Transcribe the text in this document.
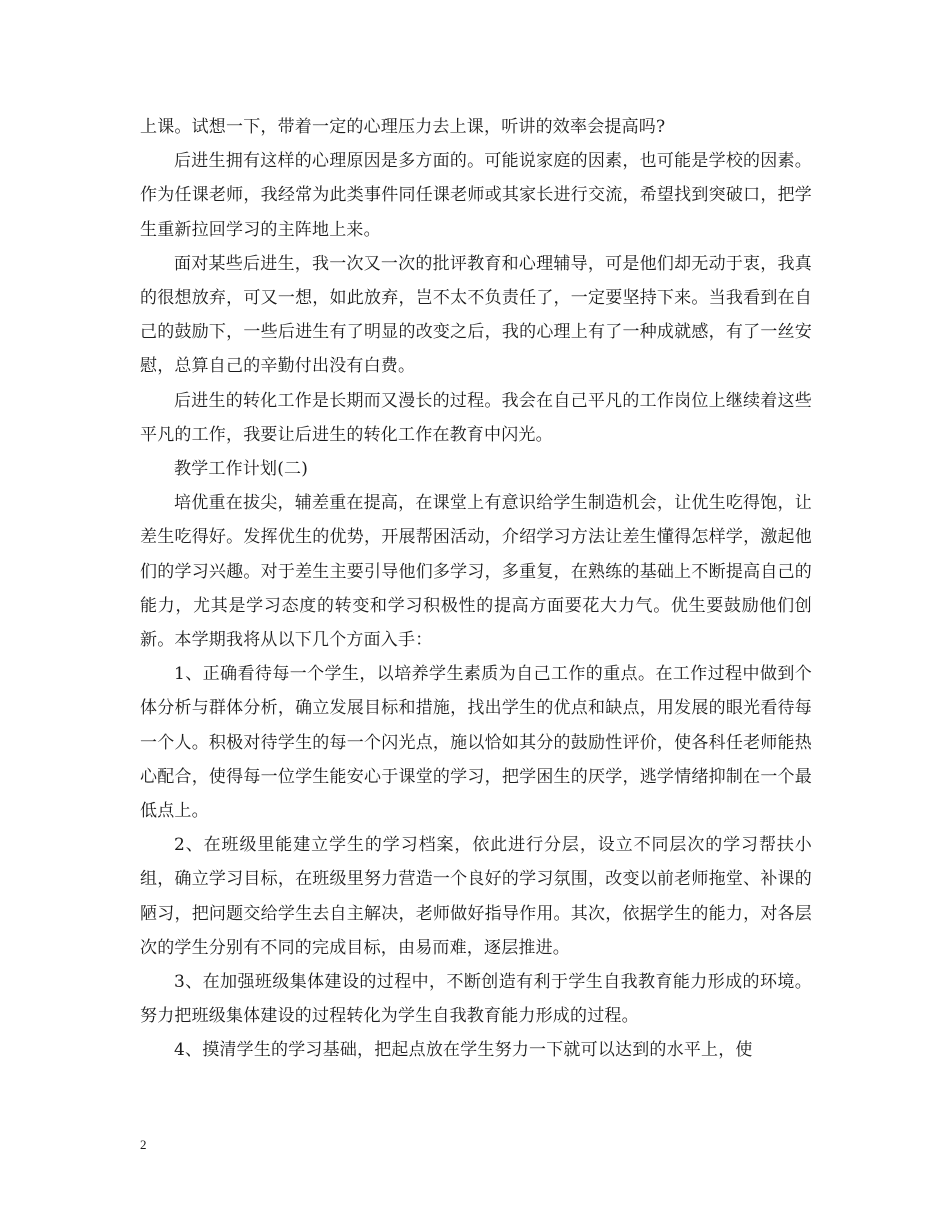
上课。试想一下，带着一定的心理压力去上课，听讲的效率会提高吗?

后进生拥有这样的心理原因是多方面的。可能说家庭的因素，也可能是学校的因素。作为任课老师，我经常为此类事件同任课老师或其家长进行交流，希望找到突破口，把学生重新拉回学习的主阵地上来。

面对某些后进生，我一次又一次的批评教育和心理辅导，可是他们却无动于衷，我真的很想放弃，可又一想，如此放弃，岂不太不负责任了，一定要坚持下来。当我看到在自己的鼓励下，一些后进生有了明显的改变之后，我的心理上有了一种成就感，有了一丝安慰，总算自己的辛勤付出没有白费。

后进生的转化工作是长期而又漫长的过程。我会在自己平凡的工作岗位上继续着这些平凡的工作，我要让后进生的转化工作在教育中闪光。

教学工作计划(二)

培优重在拔尖，辅差重在提高，在课堂上有意识给学生制造机会，让优生吃得饱，让差生吃得好。发挥优生的优势，开展帮困活动，介绍学习方法让差生懂得怎样学，激起他们的学习兴趣。对于差生主要引导他们多学习，多重复，在熟练的基础上不断提高自己的能力，尤其是学习态度的转变和学习积极性的提高方面要花大力气。优生要鼓励他们创新。本学期我将从以下几个方面入手：

1、正确看待每一个学生，以培养学生素质为自己工作的重点。在工作过程中做到个体分析与群体分析，确立发展目标和措施，找出学生的优点和缺点，用发展的眼光看待每一个人。积极对待学生的每一个闪光点，施以恰如其分的鼓励性评价，使各科任老师能热心配合，使得每一位学生能安心于课堂的学习，把学困生的厌学，逃学情绪抑制在一个最低点上。

2、在班级里能建立学生的学习档案，依此进行分层，设立不同层次的学习帮扶小组，确立学习目标，在班级里努力营造一个良好的学习氛围，改变以前老师拖堂、补课的陋习，把问题交给学生去自主解决，老师做好指导作用。其次，依据学生的能力，对各层次的学生分别有不同的完成目标，由易而难，逐层推进。

3、在加强班级集体建设的过程中，不断创造有利于学生自我教育能力形成的环境。努力把班级集体建设的过程转化为学生自我教育能力形成的过程。

4、摸清学生的学习基础，把起点放在学生努力一下就可以达到的水平上，使

2
